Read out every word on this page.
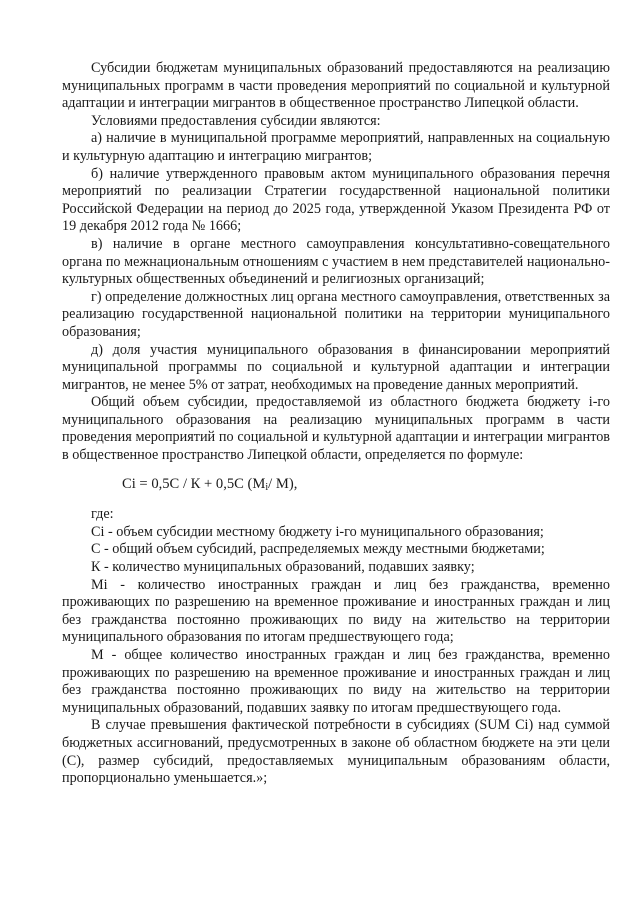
Субсидии бюджетам муниципальных образований предоставляются на реализацию муниципальных программ в части проведения мероприятий по социальной и культурной адаптации и интеграции мигрантов в общественное пространство Липецкой области.

Условиями предоставления субсидии являются:

а) наличие в муниципальной программе мероприятий, направленных на социальную и культурную адаптацию и интеграцию мигрантов;

б) наличие утвержденного правовым актом муниципального образования перечня мероприятий по реализации Стратегии государственной национальной политики Российской Федерации на период до 2025 года, утвержденной Указом Президента РФ от 19 декабря 2012 года № 1666;

в) наличие в органе местного самоуправления консультативно-совещательного органа по межнациональным отношениям с участием в нем представителей национально-культурных общественных объединений и религиозных организаций;

г) определение должностных лиц органа местного самоуправления, ответственных за реализацию государственной национальной политики на территории муниципального образования;

д) доля участия муниципального образования в финансировании мероприятий муниципальной программы по социальной и культурной адаптации и интеграции мигрантов, не менее 5% от затрат, необходимых на проведение данных мероприятий.

Общий объем субсидии, предоставляемой из областного бюджета бюджету i-го муниципального образования на реализацию муниципальных программ в части проведения мероприятий по социальной и культурной адаптации и интеграции мигрантов в общественное пространство Липецкой области, определяется по формуле:

Ci = 0,5C / К + 0,5C (Mi/ M),

где:

Ci - объем субсидии местному бюджету i-го муниципального образования;

C - общий объем субсидий, распределяемых между местными бюджетами;

К - количество муниципальных образований, подавших заявку;

Mi - количество иностранных граждан и лиц без гражданства, временно проживающих по разрешению на временное проживание и иностранных граждан и лиц без гражданства постоянно проживающих по виду на жительство на территории муниципального образования по итогам предшествующего года;

M - общее количество иностранных граждан и лиц без гражданства, временно проживающих по разрешению на временное проживание и иностранных граждан и лиц без гражданства постоянно проживающих по виду на жительство на территории муниципальных образований, подавших заявку по итогам предшествующего года.

В случае превышения фактической потребности в субсидиях (SUM Ci) над суммой бюджетных ассигнований, предусмотренных в законе об областном бюджете на эти цели (C), размер субсидий, предоставляемых муниципальным образованиям области, пропорционально уменьшается.»;
